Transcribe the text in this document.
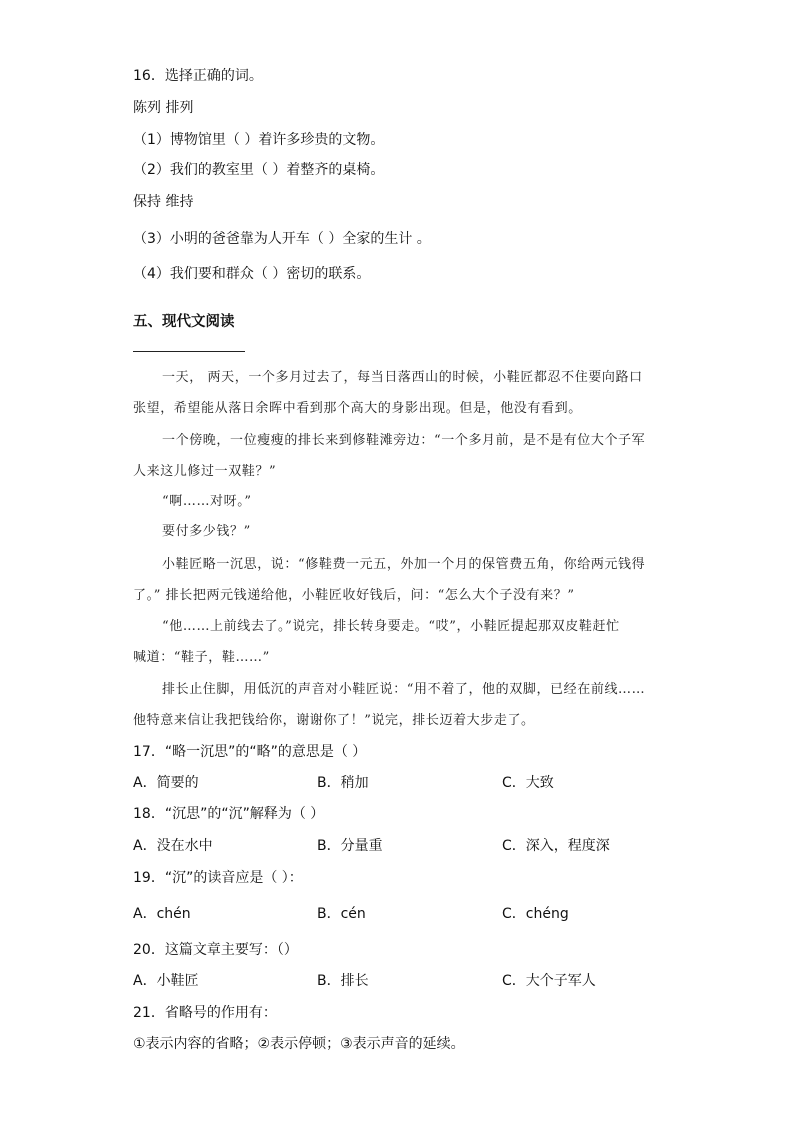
16．选择正确的词。
陈列 排列
（1）博物馆里（ ）着许多珍贵的文物。
（2）我们的教室里（ ）着整齐的桌椅。
保持 维持
（3）小明的爸爸靠为人开车（ ）全家的生计 。
（4）我们要和群众（ ）密切的联系。
五、现代文阅读
一天， 两天，一个多月过去了，每当日落西山的时候，小鞋匠都忍不住要向路口
张望，希望能从落日余晖中看到那个高大的身影出现。但是，他没有看到。
一个傍晚，一位瘦瘦的排长来到修鞋滩旁边：“一个多月前，是不是有位大个子军
人来这儿修过一双鞋？”
“啊……对呀。”
要付多少钱？”
小鞋匠略一沉思，说：“修鞋费一元五，外加一个月的保管费五角，你给两元钱得
了。” 排长把两元钱递给他，小鞋匠收好钱后，问：“怎么大个子没有来？”
“他……上前线去了。”说完，排长转身要走。“哎”，小鞋匠提起那双皮鞋赶忙
喊道：“鞋子，鞋……”
排长止住脚，用低沉的声音对小鞋匠说：“用不着了，他的双脚，已经在前线……
他特意来信让我把钱给你，谢谢你了！”说完，排长迈着大步走了。
17．“略一沉思”的“略”的意思是（ ）
A．简要的	B．稍加	C．大致
18．“沉思”的“沉”解释为（ ）
A．没在水中	B．分量重	C．深入，程度深
19．“沉”的读音应是（ ）：
A．chén	B．cén	C．chéng
20．这篇文章主要写：（）
A．小鞋匠	B．排长	C．大个子军人
21．省略号的作用有：
①表示内容的省略；②表示停顿；③表示声音的延续。
